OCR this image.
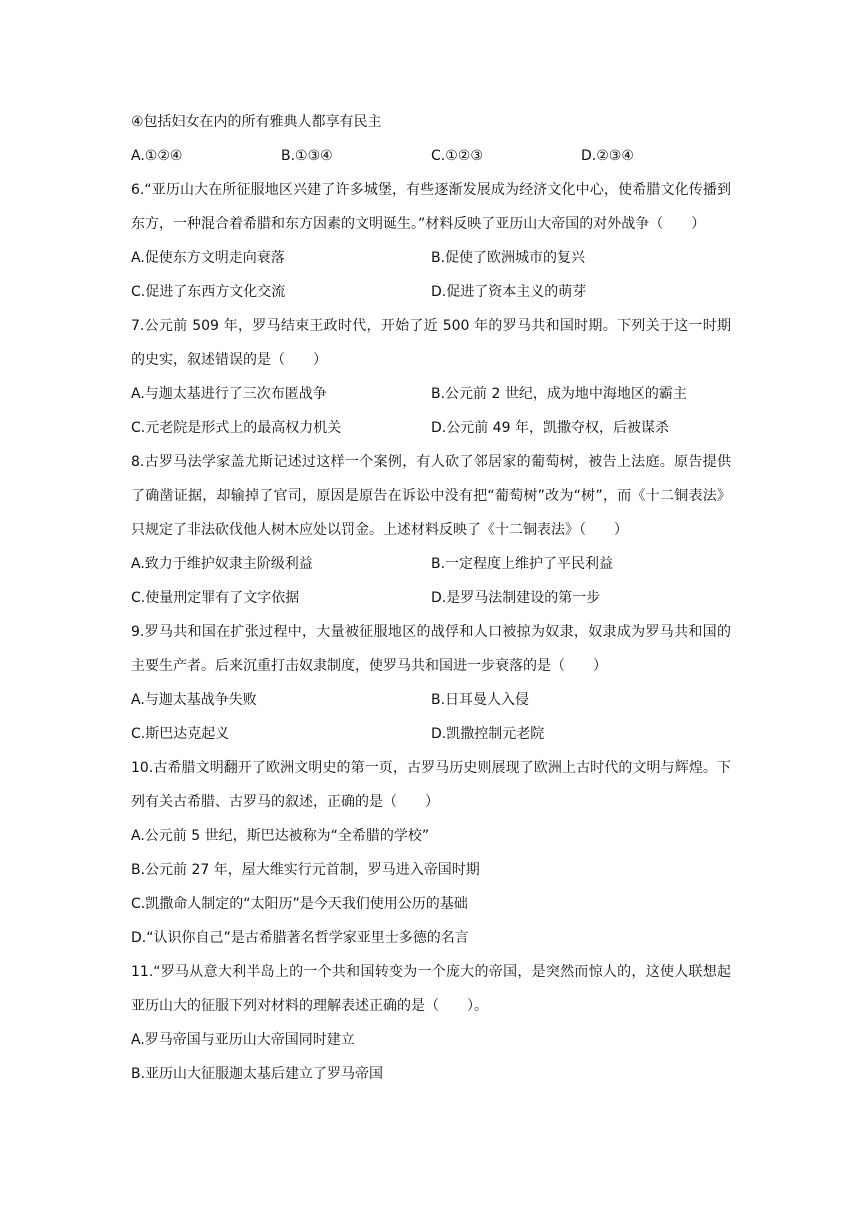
④包括妇女在内的所有雅典人都享有民主
A.①②④	B.①③④	C.①②③	D.②③④
6.“亚历山大在所征服地区兴建了许多城堡，有些逐渐发展成为经济文化中心，使希腊文化传播到东方，一种混合着希腊和东方因素的文明诞生。”材料反映了亚历山大帝国的对外战争（　　）
A.促使东方文明走向衰落	B.促使了欧洲城市的复兴
C.促进了东西方文化交流	D.促进了资本主义的萌芽
7.公元前 509 年，罗马结束王政时代，开始了近 500 年的罗马共和国时期。下列关于这一时期的史实，叙述错误的是（　　）
A.与迦太基进行了三次布匿战争	B.公元前 2 世纪，成为地中海地区的霸主
C.元老院是形式上的最高权力机关	D.公元前 49 年，凯撒夺权，后被谋杀
8.古罗马法学家盖尤斯记述过这样一个案例，有人砍了邻居家的葡萄树，被告上法庭。原告提供了确凿证据，却输掉了官司，原因是原告在诉讼中没有把“葡萄树”改为“树”，而《十二铜表法》只规定了非法砍伐他人树木应处以罚金。上述材料反映了《十二铜表法》（　　）
A.致力于维护奴隶主阶级利益	B.一定程度上维护了平民利益
C.使量刑定罪有了文字依据	D.是罗马法制建设的第一步
9.罗马共和国在扩张过程中，大量被征服地区的战俘和人口被掠为奴隶，奴隶成为罗马共和国的主要生产者。后来沉重打击奴隶制度，使罗马共和国进一步衰落的是（　　）
A.与迦太基战争失败	B.日耳曼人入侵
C.斯巴达克起义	D.凯撒控制元老院
10.古希腊文明翻开了欧洲文明史的第一页，古罗马历史则展现了欧洲上古时代的文明与辉煌。下列有关古希腊、古罗马的叙述，正确的是（　　）
A.公元前 5 世纪，斯巴达被称为“全希腊的学校”
B.公元前 27 年，屋大维实行元首制，罗马进入帝国时期
C.凯撒命人制定的“太阳历”是今天我们使用公历的基础
D.“认识你自己”是古希腊著名哲学家亚里士多德的名言
11.“罗马从意大利半岛上的一个共和国转变为一个庞大的帝国，是突然而惊人的，这使人联想起亚历山大的征服下列对材料的理解表述正确的是（　　）。
A.罗马帝国与亚历山大帝国同时建立
B.亚历山大征服迦太基后建立了罗马帝国
